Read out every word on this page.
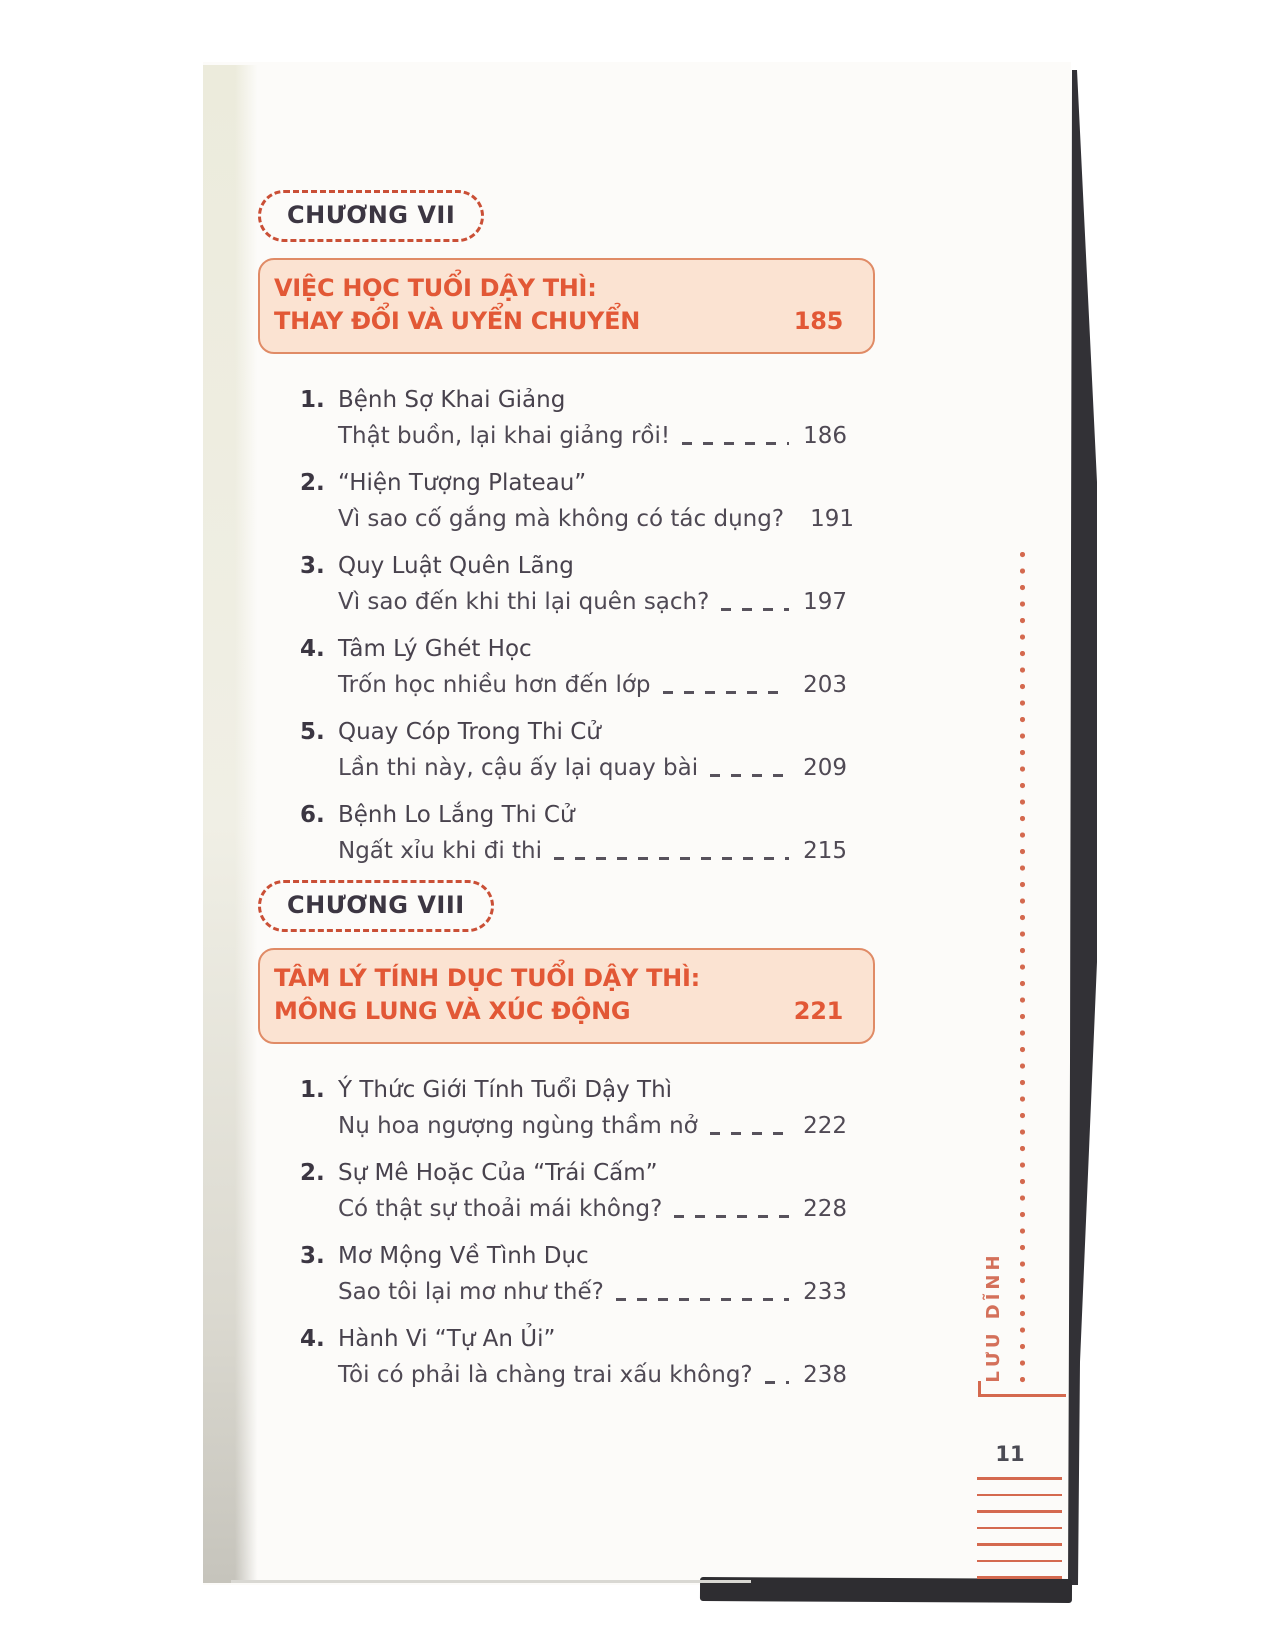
CHƯƠNG VII
VIỆC HỌC TUỔI DẬY THÌ:
THAY ĐỔI VÀ UYỂN CHUYỂN	185
1. Bệnh Sợ Khai Giảng
Thật buồn, lại khai giảng rồi!	186
2. “Hiện Tượng Plateau”
Vì sao cố gắng mà không có tác dụng? 191
3. Quy Luật Quên Lãng
Vì sao đến khi thi lại quên sạch?	197
4. Tâm Lý Ghét Học
Trốn học nhiều hơn đến lớp	203
5. Quay Cóp Trong Thi Cử
Lần thi này, cậu ấy lại quay bài	209
6. Bệnh Lo Lắng Thi Cử
Ngất xỉu khi đi thi	215
CHƯƠNG VIII
TÂM LÝ TÍNH DỤC TUỔI DẬY THÌ:
MÔNG LUNG VÀ XÚC ĐỘNG	221
1. Ý Thức Giới Tính Tuổi Dậy Thì
Nụ hoa ngượng ngùng thầm nở	222
2. Sự Mê Hoặc Của “Trái Cấm”
Có thật sự thoải mái không?	228
3. Mơ Mộng Về Tình Dục
Sao tôi lại mơ như thế?	233
4. Hành Vi “Tự An Ủi”
Tôi có phải là chàng trai xấu không? 238	LƯU DĨNH
11
